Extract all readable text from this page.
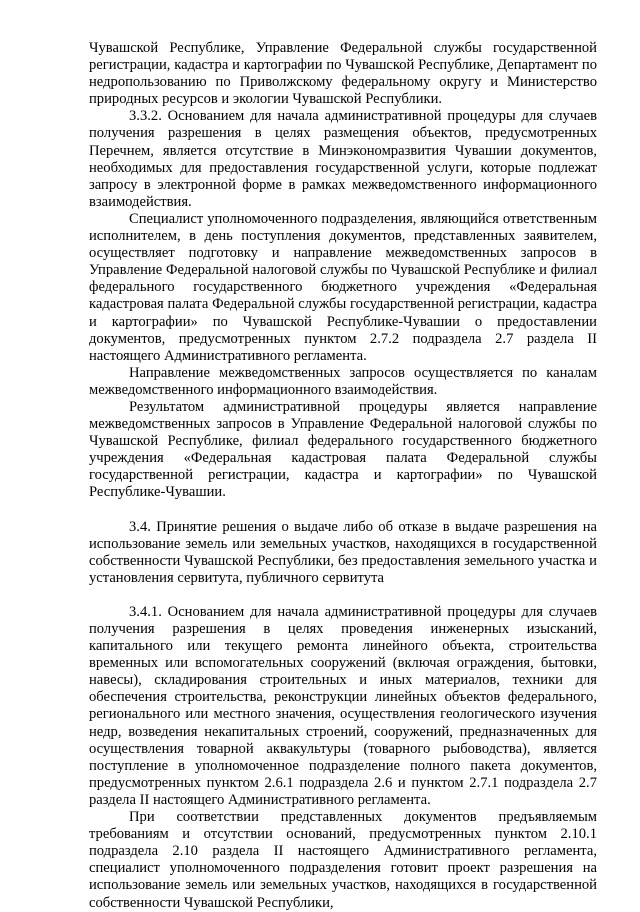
Чувашской Республике, Управление Федеральной службы государственной регистрации, кадастра и картографии по Чувашской Республике, Департамент по недропользованию по Приволжскому федеральному округу и Министерство природных ресурсов и экологии Чувашской Республики.

3.3.2. Основанием для начала административной процедуры для случаев получения разрешения в целях размещения объектов, предусмотренных Перечнем, является отсутствие в Минэкономразвития Чувашии документов, необходимых для предоставления государственной услуги, которые подлежат запросу в электронной форме в рамках межведомственного информационного взаимодействия.

Специалист уполномоченного подразделения, являющийся ответственным исполнителем, в день поступления документов, представленных заявителем, осуществляет подготовку и направление межведомственных запросов в Управление Федеральной налоговой службы по Чувашской Республике и филиал федерального государственного бюджетного учреждения «Федеральная кадастровая палата Федеральной службы государственной регистрации, кадастра и картографии» по Чувашской Республике-Чувашии о предоставлении документов, предусмотренных пунктом 2.7.2 подраздела 2.7 раздела II настоящего Административного регламента.

Направление межведомственных запросов осуществляется по каналам межведомственного информационного взаимодействия.

Результатом административной процедуры является направление межведомственных запросов в Управление Федеральной налоговой службы по Чувашской Республике, филиал федерального государственного бюджетного учреждения «Федеральная кадастровая палата Федеральной службы государственной регистрации, кадастра и картографии» по Чувашской Республике-Чувашии.

3.4. Принятие решения о выдаче либо об отказе в выдаче разрешения на использование земель или земельных участков, находящихся в государственной собственности Чувашской Республики, без предоставления земельного участка и установления сервитута, публичного сервитута

3.4.1. Основанием для начала административной процедуры для случаев получения разрешения в целях проведения инженерных изысканий, капитального или текущего ремонта линейного объекта, строительства временных или вспомогательных сооружений (включая ограждения, бытовки, навесы), складирования строительных и иных материалов, техники для обеспечения строительства, реконструкции линейных объектов федерального, регионального или местного значения, осуществления геологического изучения недр, возведения некапитальных строений, сооружений, предназначенных для осуществления товарной аквакультуры (товарного рыбоводства), является поступление в уполномоченное подразделение полного пакета документов, предусмотренных пунктом 2.6.1 подраздела 2.6 и пунктом 2.7.1 подраздела 2.7 раздела II настоящего Административного регламента.

При соответствии представленных документов предъявляемым требованиям и отсутствии оснований, предусмотренных пунктом 2.10.1 подраздела 2.10 раздела II настоящего Административного регламента, специалист уполномоченного подразделения готовит проект разрешения на использование земель или земельных участков, находящихся в государственной собственности Чувашской Республики,
